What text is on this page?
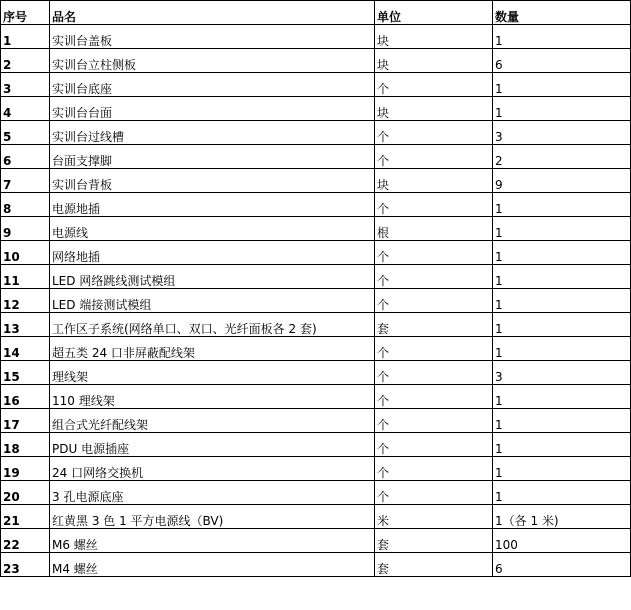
序号	品名	单位	数量
1	实训台盖板	块	1
2	实训台立柱侧板	块	6
3	实训台底座	个	1
4	实训台台面	块	1
5	实训台过线槽	个	3
6	台面支撑脚	个	2
7	实训台背板	块	9
8	电源地插	个	1
9	电源线	根	1
10	网络地插	个	1
11	LED 网络跳线测试模组	个	1
12	LED 端接测试模组	个	1
13	工作区子系统(网络单口、双口、光纤面板各 2 套)	套	1
14	超五类 24 口非屏蔽配线架	个	1
15	理线架	个	3
16	110 理线架	个	1
17	组合式光纤配线架	个	1
18	PDU 电源插座	个	1
19	24 口网络交换机	个	1
20	3 孔电源底座	个	1
21	红黄黑 3 色 1 平方电源线（BV)	米	1（各 1 米)
22	M6 螺丝	套	100
23	M4 螺丝	套	6
